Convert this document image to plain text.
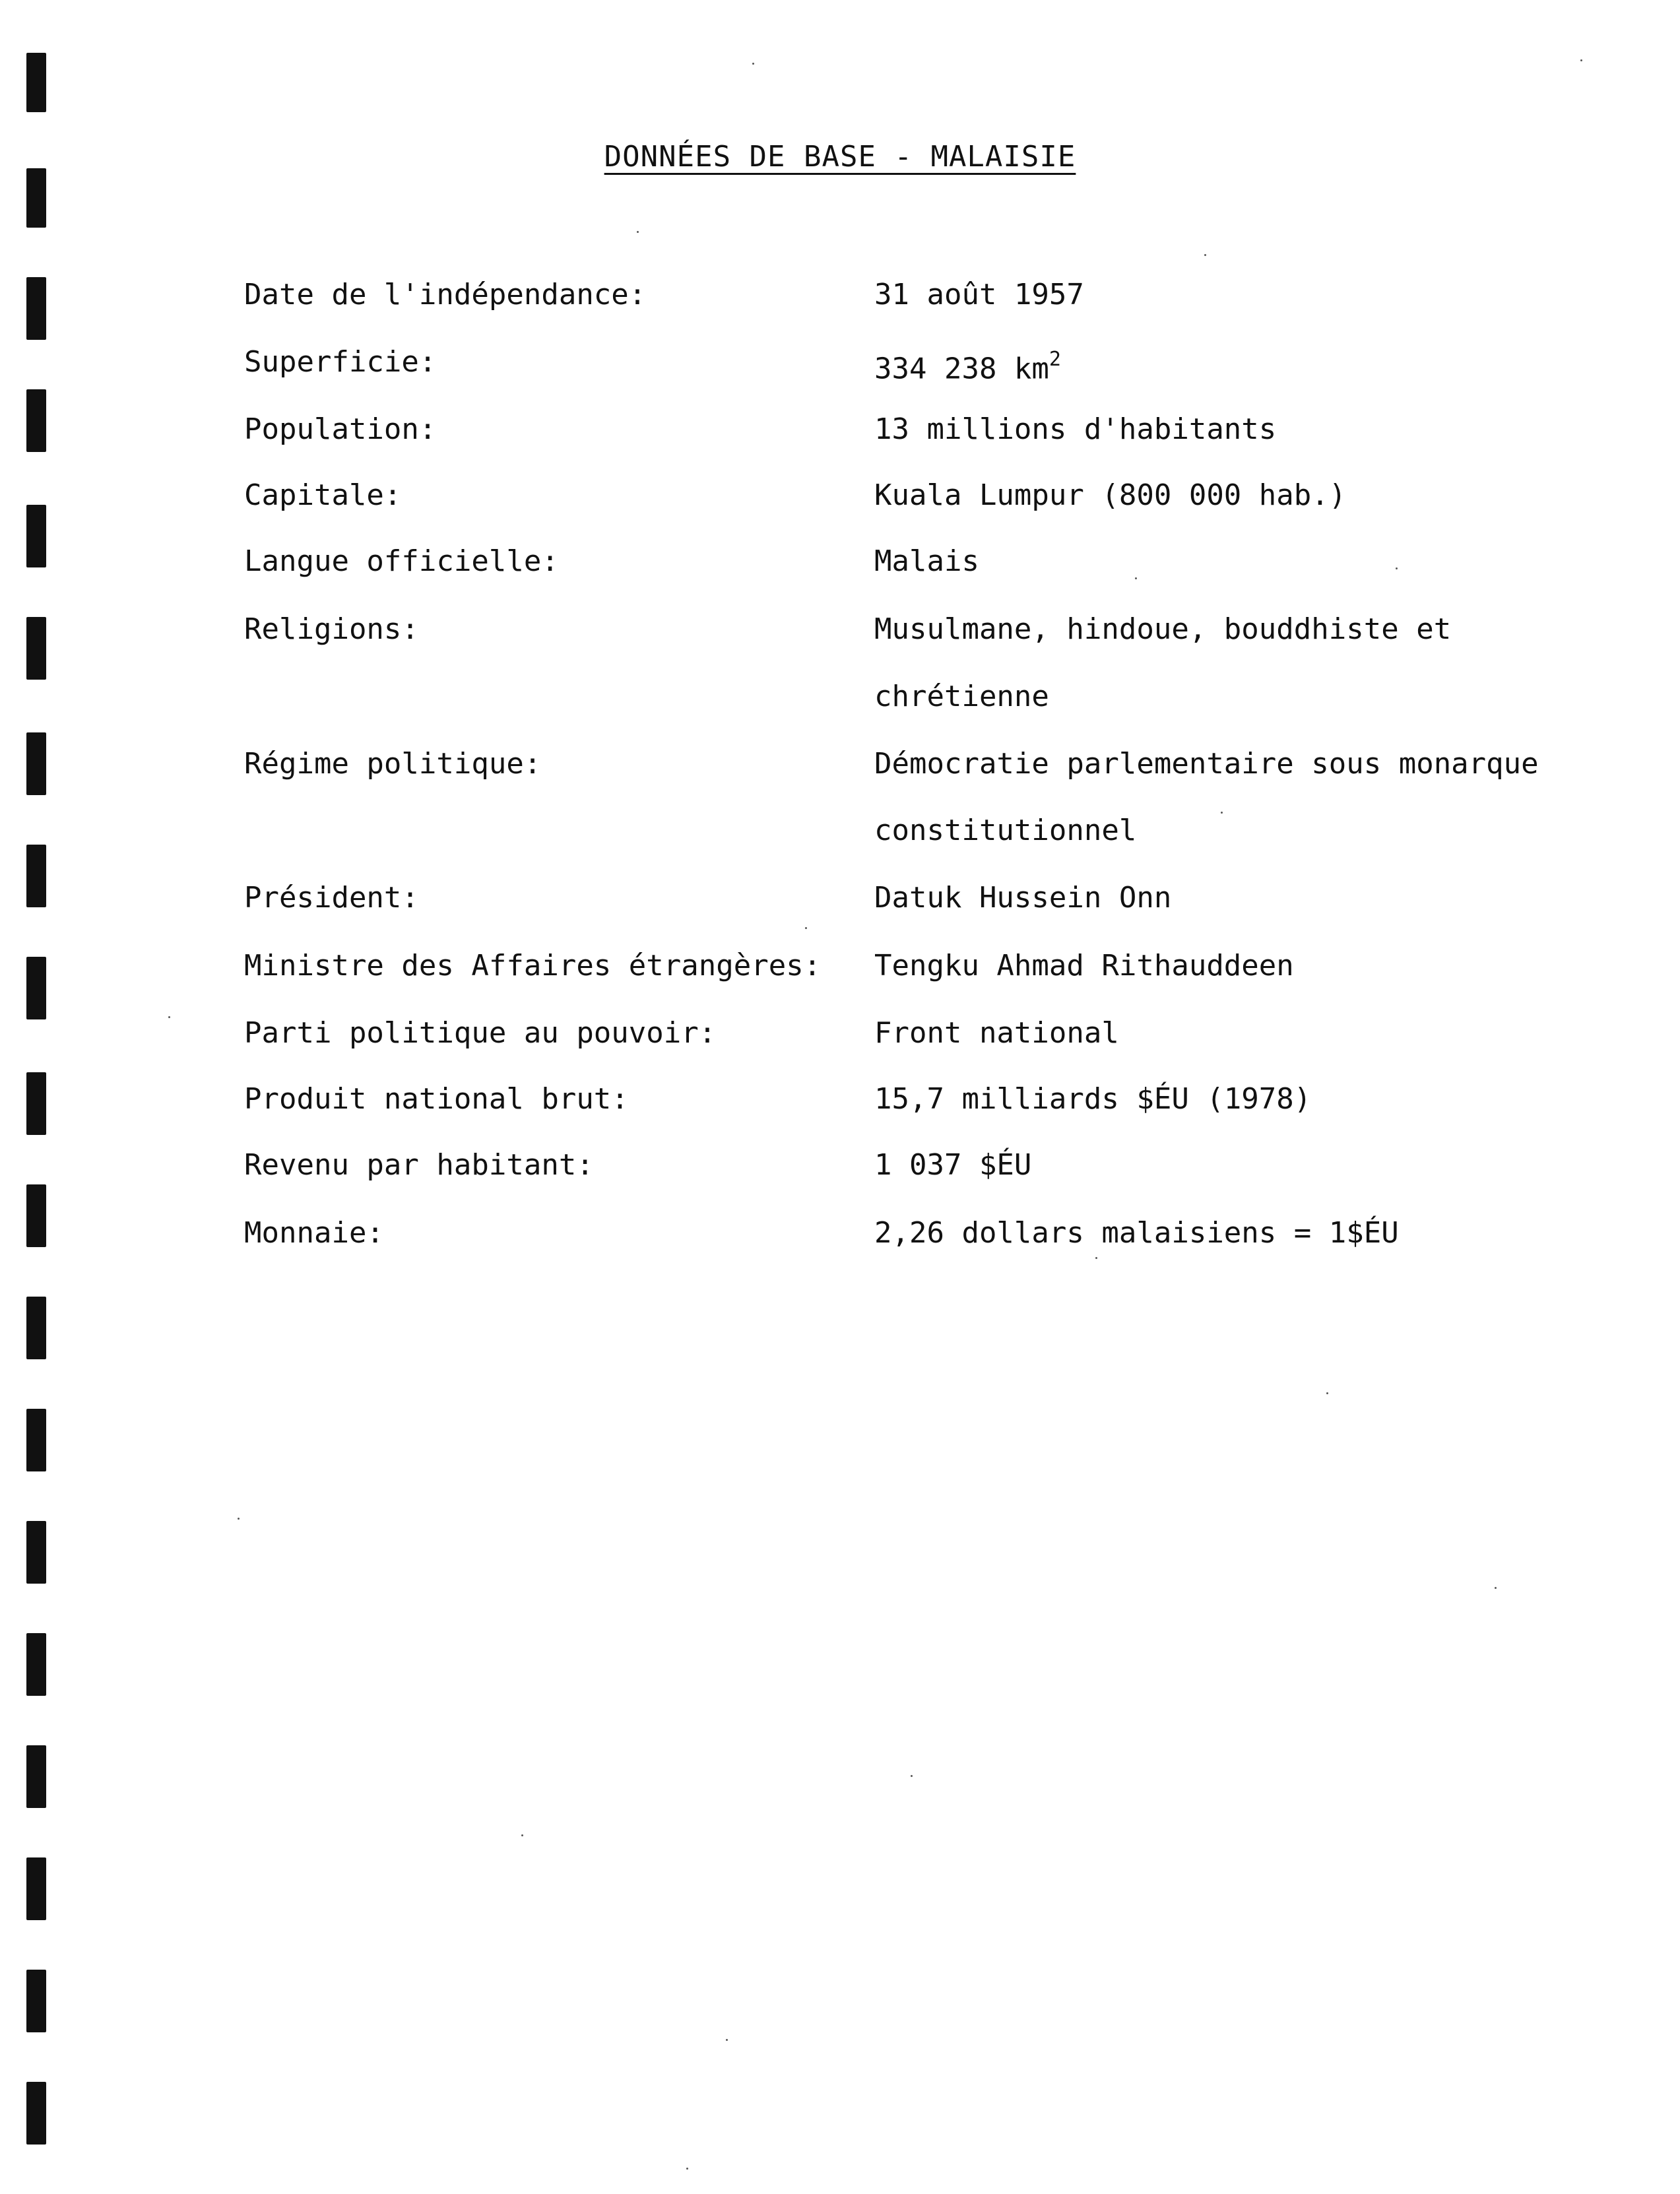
DONNÉES DE BASE - MALAISIE
Date de l'indépendance:	31 août 1957
Superficie:	334 238 $km^2$
Population:	13 millions d'habitants
Capitale:	Kuala Lumpur (800 000 hab.)
Langue officielle:	Malais
Religions:	Musulmane, hindoue, bouddhiste et
chrétienne
Régime politique:	Démocratie parlementaire sous monarque
constitutionnel
Président:	Datuk Hussein Onn
Ministre des Affaires étrangères: Tengku Ahmad Rithauddeen
Parti politique au pouvoir:	Front national
Produit national brut:	15,7 milliards $ÉU (1978)
Revenu par habitant:	1 037 $ÉU
Monnaie:	2,26 dollars malaisiens = 1$ÉU
